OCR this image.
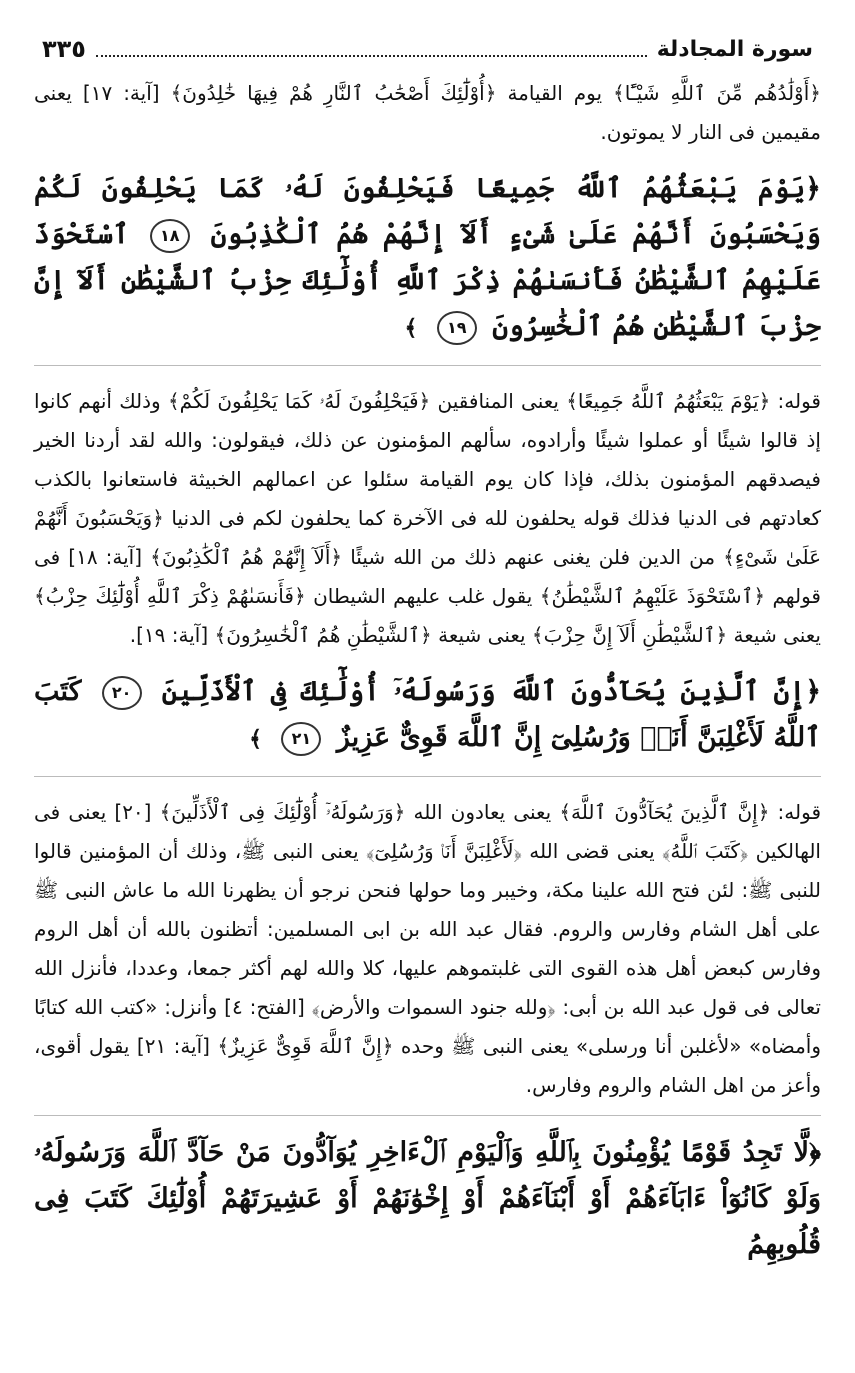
سورة المجادلة
٣٣٥

﴿أَوْلَٰدُهُم مِّنَ ٱللَّهِ شَيْـًٔا﴾ يوم القيامة ﴿أُوْلَٰٓئِكَ أَصْحَٰبُ ٱلنَّارِ هُمْ فِيهَا خَٰلِدُونَ﴾ [آية: ١٧] يعنى مقيمين فى النار لا يموتون.

﴿يَوْمَ يَبْعَثُهُمُ ٱللَّهُ جَمِيعًا فَيَحْلِفُونَ لَهُۥ كَمَا يَحْلِفُونَ لَكُمْ وَيَحْسَبُونَ أَنَّهُمْ عَلَىٰ شَىْءٍ أَلَآ إِنَّهُمْ هُمُ ٱلْكَٰذِبُونَ ١٨ ٱسْتَحْوَذَ عَلَيْهِمُ ٱلشَّيْطَٰنُ فَأَنسَىٰهُمْ ذِكْرَ ٱللَّهِ أُوْلَٰٓئِكَ حِزْبُ ٱلشَّيْطَٰنِ أَلَآ إِنَّ حِزْبَ ٱلشَّيْطَٰنِ هُمُ ٱلْخَٰسِرُونَ ١٩ ﴾

قوله: ﴿يَوْمَ يَبْعَثُهُمُ ٱللَّهُ جَمِيعًا﴾ يعنى المنافقين ﴿فَيَحْلِفُونَ لَهُۥ كَمَا يَحْلِفُونَ لَكُمْ﴾ وذلك أنهم كانوا إذ قالوا شيئًا أو عملوا شيئًا وأرادوه، سألهم المؤمنون عن ذلك، فيقولون: والله لقد أردنا الخير فيصدقهم المؤمنون بذلك، فإذا كان يوم القيامة سئلوا عن اعمالهم الخبيثة فاستعانوا بالكذب كعادتهم فى الدنيا فذلك قوله يحلفون لله فى الآخرة كما يحلفون لكم فى الدنيا ﴿وَيَحْسَبُونَ أَنَّهُمْ عَلَىٰ شَىْءٍ﴾ من الدين فلن يغنى عنهم ذلك من الله شيئًا ﴿أَلَآ إِنَّهُمْ هُمُ ٱلْكَٰذِبُونَ﴾ [آية: ١٨] فى قولهم ﴿ٱسْتَحْوَذَ عَلَيْهِمُ ٱلشَّيْطَٰنُ﴾ يقول غلب عليهم الشيطان ﴿فَأَنسَىٰهُمْ ذِكْرَ ٱللَّهِ أُوْلَٰٓئِكَ حِزْبُ﴾ يعنى شيعة ﴿ٱلشَّيْطَٰنِ أَلَآ إِنَّ حِزْبَ﴾ يعنى شيعة ﴿ٱلشَّيْطَٰنِ هُمُ ٱلْخَٰسِرُونَ﴾ [آية: ١٩].

﴿إِنَّ ٱلَّذِينَ يُحَآدُّونَ ٱللَّهَ وَرَسُولَهُۥٓ أُوْلَٰٓئِكَ فِى ٱلْأَذَلِّينَ ٢٠ كَتَبَ ٱللَّهُ لَأَغْلِبَنَّ أَنَا۠ وَرُسُلِىٓ إِنَّ ٱللَّهَ قَوِىٌّ عَزِيزٌ ٢١ ﴾

قوله: ﴿إِنَّ ٱلَّذِينَ يُحَآدُّونَ ٱللَّهَ﴾ يعنى يعادون الله ﴿وَرَسُولَهُۥٓ أُوْلَٰٓئِكَ فِى ٱلْأَذَلِّينَ﴾ [٢٠] يعنى فى الهالكين ﴿كَتَبَ ٱللَّهُ﴾ يعنى قضى الله ﴿لَأَغْلِبَنَّ أَنَا۠ وَرُسُلِىٓ﴾ يعنى النبى ﷺ، وذلك أن المؤمنين قالوا للنبى ﷺ: لئن فتح الله علينا مكة، وخيبر وما حولها فنحن نرجو أن يظهرنا الله ما عاش النبى ﷺ على أهل الشام وفارس والروم. فقال عبد الله بن ابى المسلمين: أتظنون بالله أن أهل الروم وفارس كبعض أهل هذه القوى التى غلبتموهم عليها، كلا والله لهم أكثر جمعا، وعددا، فأنزل الله تعالى فى قول عبد الله بن أبى: ﴿ولله جنود السموات والأرض﴾ [الفتح: ٤] وأنزل: «كتب الله كتابًا وأمضاه» «لأغلبن أنا ورسلى» يعنى النبى ﷺ وحده ﴿إِنَّ ٱللَّهَ قَوِىٌّ عَزِيزٌ﴾ [آية: ٢١] يقول أقوى، وأعز من اهل الشام والروم وفارس.

﴿لَّا تَجِدُ قَوْمًا يُؤْمِنُونَ بِٱللَّهِ وَٱلْيَوْمِ ٱلْءَاخِرِ يُوَآدُّونَ مَنْ حَآدَّ ٱللَّهَ وَرَسُولَهُۥ وَلَوْ كَانُوٓاْ ءَابَآءَهُمْ أَوْ أَبْنَآءَهُمْ أَوْ إِخْوَٰنَهُمْ أَوْ عَشِيرَتَهُمْ أُوْلَٰٓئِكَ كَتَبَ فِى قُلُوبِهِمُ
